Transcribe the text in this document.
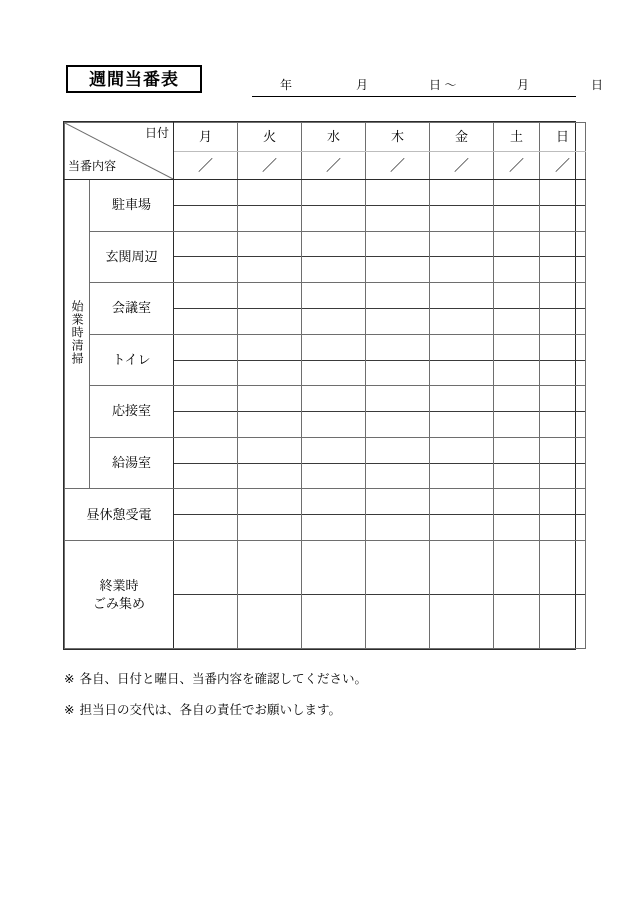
週間当番表	年	月	日 〜	月	日
日付
当番内容		月	火	水	木	金	土	日

		／	／	／	／	／	／	／

始業時清掃	駐車場	

	玄関周辺	

	会議室	

	トイレ	

	応接室	

	給湯室	

昼休憩受電		

終業時
ごみ集め								

※ 各自、日付と曜日、当番内容を確認してください。
※ 担当日の交代は、各自の責任でお願いします。
